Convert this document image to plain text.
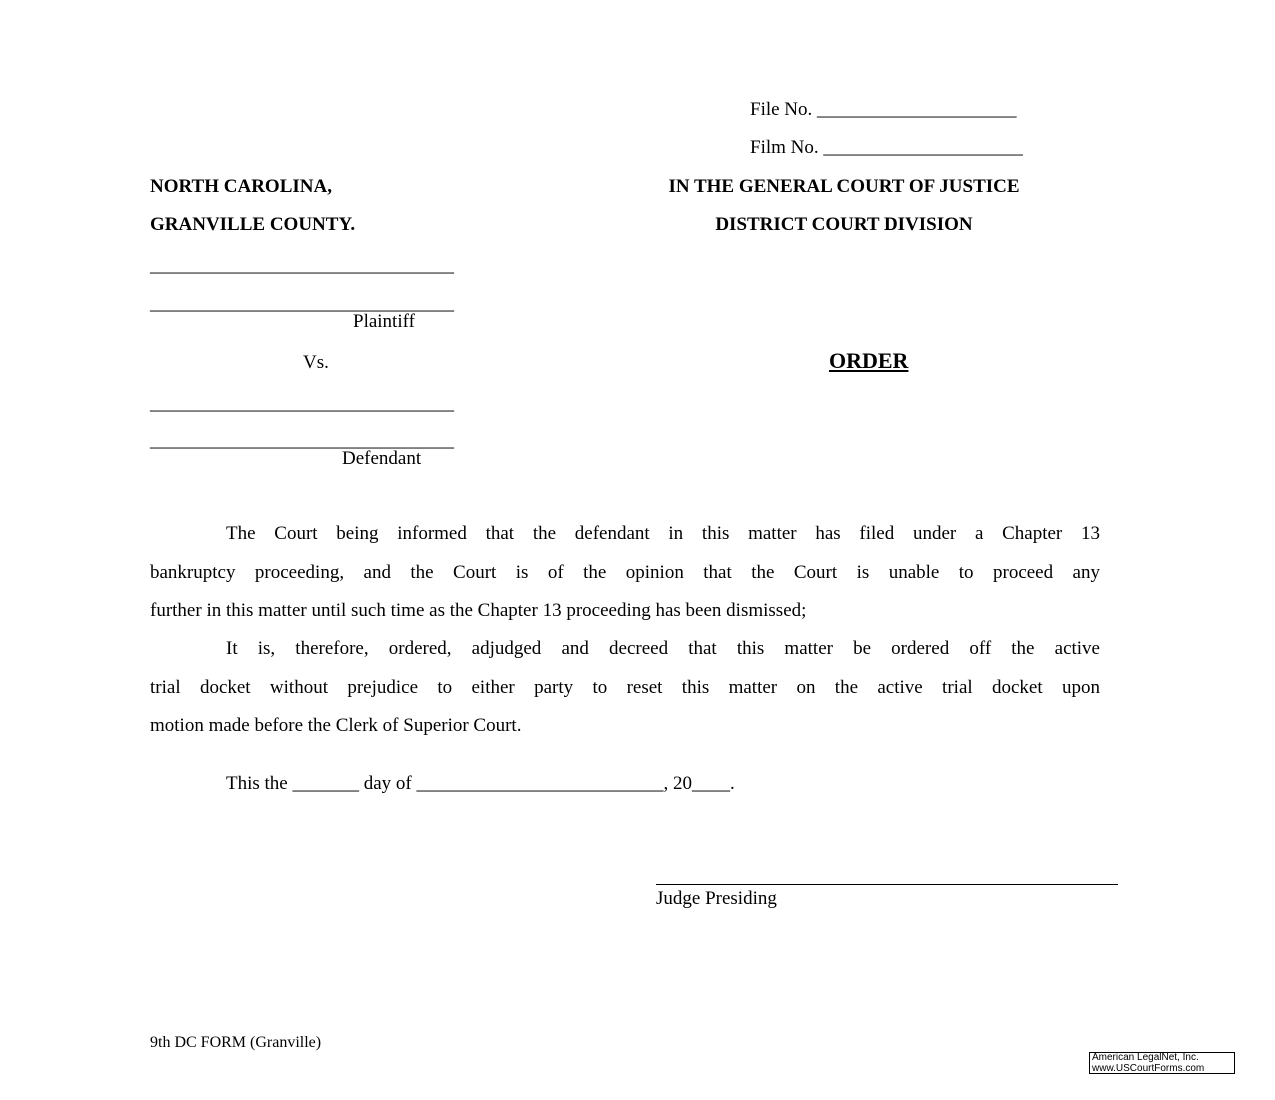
File No. _____________________
Film No. _____________________
NORTH CAROLINA,
GRANVILLE COUNTY.
IN THE GENERAL COURT OF JUSTICE
DISTRICT COURT DIVISION
________________________________
________________________________
Plaintiff
Vs.	ORDER
________________________________
________________________________
Defendant
The Court being informed that the defendant in this matter has filed under a Chapter 13
bankruptcy proceeding, and the Court is of the opinion that the Court is unable to proceed any
further in this matter until such time as the Chapter 13 proceeding has been dismissed;
It is, therefore, ordered, adjudged and decreed that this matter be ordered off the active
trial docket without prejudice to either party to reset this matter on the active trial docket upon
motion made before the Clerk of Superior Court.
This the _______ day of __________________________, 20____.
Judge Presiding
9th DC FORM (Granville)
American LegalNet, Inc.
www.USCourtForms.com
